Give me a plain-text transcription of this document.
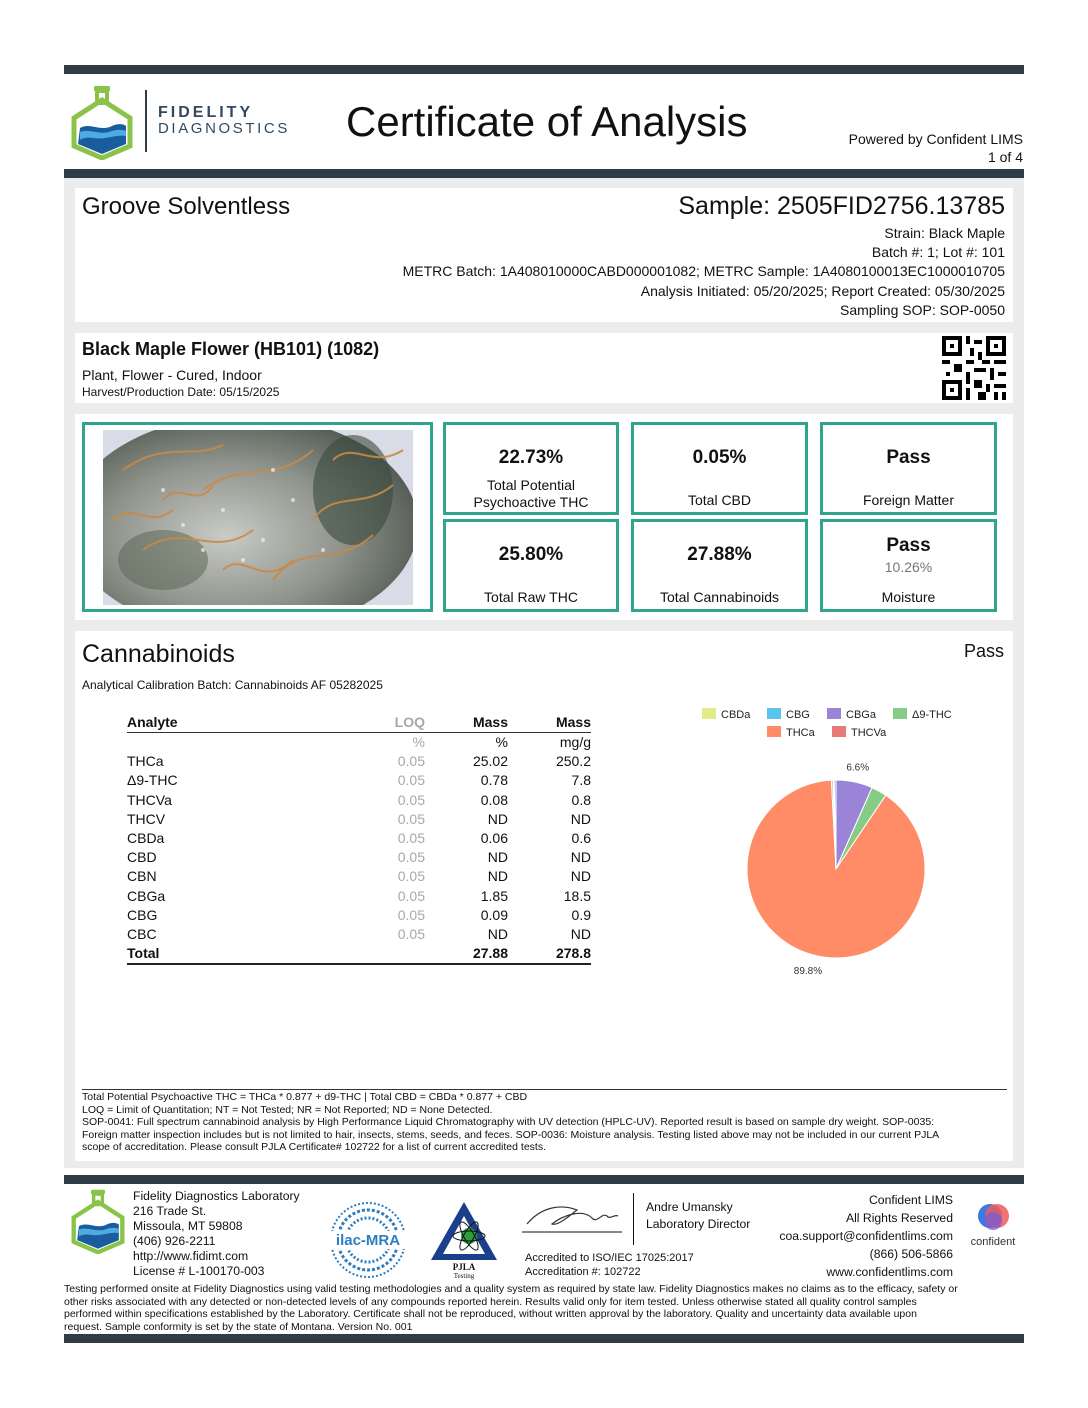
FIDELITY
DIAGNOSTICS Certificate of Analysis	Powered by Confident LIMS
1 of 4
Groove Solventless	Sample: 2505FID2756.13785
Strain: Black Maple
Batch #: 1; Lot #: 101
METRC Batch: 1A408010000CABD000001082; METRC Sample: 1A4080100013EC1000010705
Analysis Initiated: 05/20/2025; Report Created: 05/30/2025
Sampling SOP: SOP-0050
Black Maple Flower (HB101) (1082)
Plant, Flower - Cured, Indoor
Harvest/Production Date: 05/15/2025
22.73%
Total Potential
Psychoactive THC
0.05%
Total CBD
Pass
Foreign Matter
25.80%
Total Raw THC
27.88%
Total Cannabinoids
Pass
10.26%
Moisture
Cannabinoids	Pass
Analytical Calibration Batch: Cannabinoids AF 05282025
Analyte	LOQ	Mass	Mass
	%	%	mg/g
THCa	0.05	25.02	250.2
Δ9-THC	0.05	0.78	7.8
THCVa	0.05	0.08	0.8
THCV	0.05	ND	ND
CBDa	0.05	0.06	0.6
CBD	0.05	ND	ND
CBN	0.05	ND	ND
CBGa	0.05	1.85	18.5
CBG	0.05	0.09	0.9
CBC	0.05	ND	ND
Total		27.88	278.8
CBDa	CBG	CBGa	Δ9-THC
THCa	THCVa
89.8%
6.6%
Total Potential Psychoactive THC = THCa * 0.877 + d9-THC | Total CBD = CBDa * 0.877 + CBD
LOQ = Limit of Quantitation; NT = Not Tested; NR = Not Reported; ND = None Detected.
SOP-0041: Full spectrum cannabinoid analysis by High Performance Liquid Chromatography with UV detection (HPLC-UV). Reported result is based on sample dry weight. SOP-0035:
Foreign matter inspection includes but is not limited to hair, insects, stems, seeds, and feces. SOP-0036: Moisture analysis. Testing listed above may not be included in our current PJLA
scope of accreditation. Please consult PJLA Certificate# 102722 for a list of current accredited tests.
Fidelity Diagnostics Laboratory
216 Trade St.
Missoula, MT 59808
(406) 926-2211
http://www.fidimt.com
License # L-100170-003
ilac-MRA
PJLA
Testing
Andre Umansky
Laboratory Director
Accredited to ISO/IEC 17025:2017
Accreditation #: 102722
Confident LIMS
All Rights Reserved
coa.support@confidentlims.com
(866) 506-5866
www.confidentlims.com
confident
Testing performed onsite at Fidelity Diagnostics using valid testing methodologies and a quality system as required by state law. Fidelity Diagnostics makes no claims as to the efficacy, safety or
other risks associated with any detected or non-detected levels of any compounds reported herein. Results valid only for item tested. Unless otherwise stated all quality control samples
performed within specifications established by the Laboratory. Certificate shall not be reproduced, without written approval by the laboratory. Quality and uncertainty data available upon
request. Sample conformity is set by the state of Montana. Version No. 001
